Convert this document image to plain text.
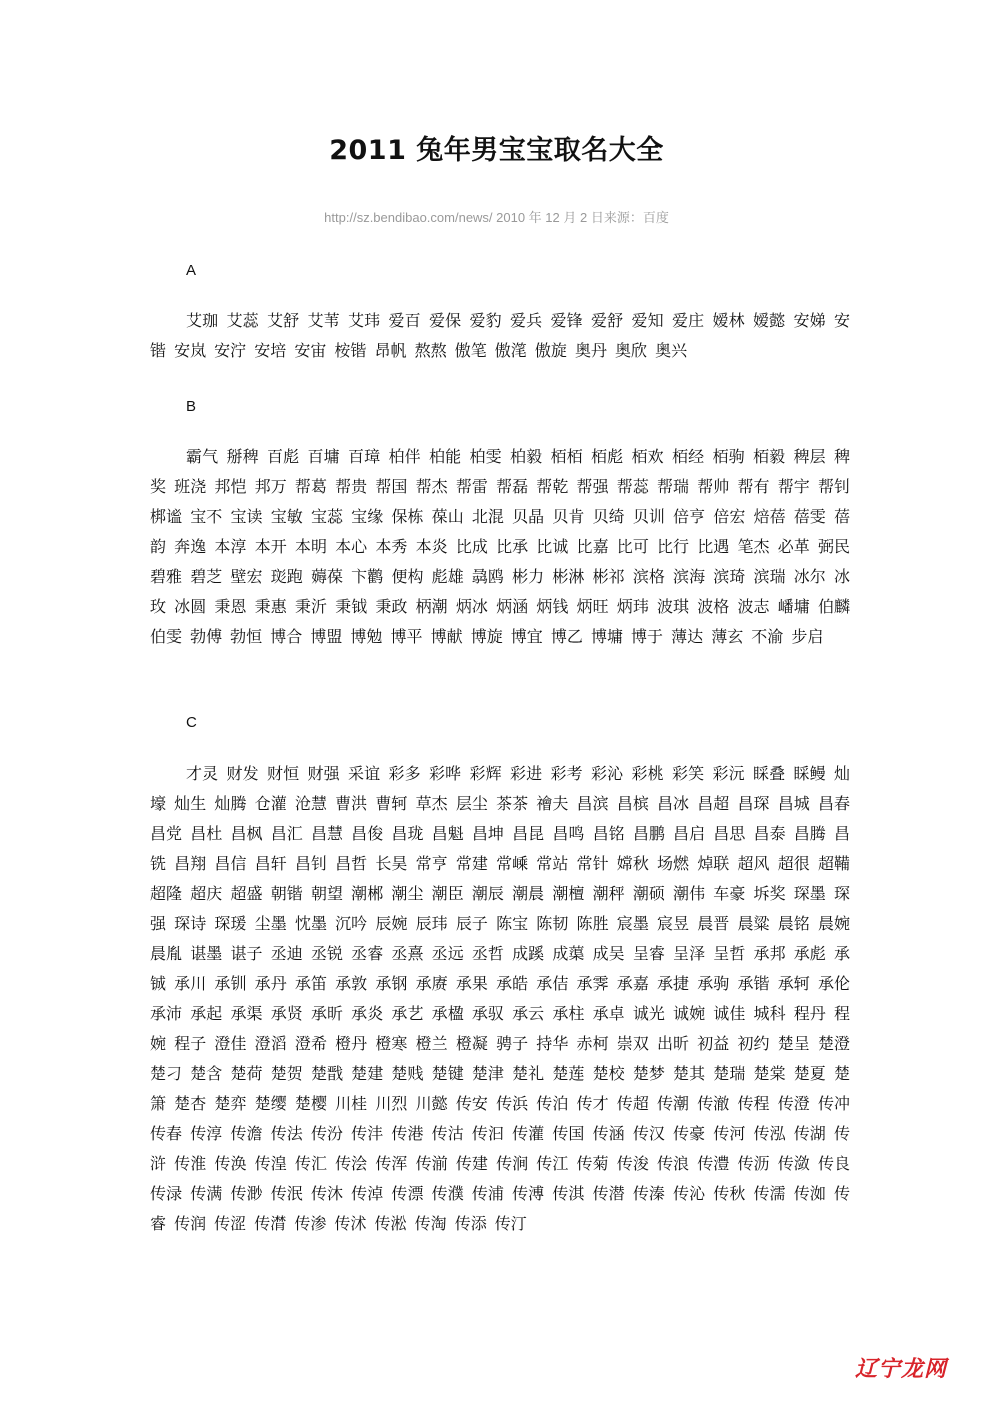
2011 兔年男宝宝取名大全
http://sz.bendibao.com/news/ 2010 年 12 月 2 日来源：百度
A
艾珈 艾蕊 艾舒 艾苇 艾玮 爱百 爱保 爱豹 爱兵 爱锋 爱舒 爱知 爱庄 嫒林 嫒懿 安娣 安锴 安岚 安泞 安培 安宙 桉锴 昂帆 熬熬 傲笔 傲滗 傲旋 奥丹 奥欣 奥兴
B
霸气 掰稗 百彪 百墉 百璋 柏伴 柏能 柏雯 柏毅 栢栢 栢彪 栢欢 栢经 栢驹 栢毅 稗层 稗奖 班浇 邦恺 邦万 帮葛 帮贵 帮国 帮杰 帮雷 帮磊 帮乾 帮强 帮蕊 帮瑞 帮帅 帮有 帮宇 帮钊 梆谧 宝不 宝读 宝敏 宝蕊 宝缘 保栋 葆山 北混 贝晶 贝肯 贝绮 贝训 倍亨 倍宏 焙蓓 蓓雯 蓓韵 奔逸 本淳 本开 本明 本心 本秀 本炎 比成 比承 比诚 比嘉 比可 比行 比遇 笔杰 必革 弼民 碧雅 碧芝 壁宏 珳跑 薅葆 卞鹳 便构 彪雄 骉鸥 彬力 彬淋 彬祁 滨格 滨海 滨琦 滨瑞 冰尔 冰玫 冰圆 秉恩 秉惠 秉沂 秉钺 秉政 柄潮 炳冰 炳涵 炳钱 炳旺 炳玮 波琪 波格 波志 嶓墉 伯麟 伯雯 勃傅 勃恒 博合 博盟 博勉 博平 博献 博旋 博宜 博乙 博墉 博于 薄达 薄玄 不渝 步启
C
才灵 财发 财恒 财强 采谊 彩多 彩哗 彩辉 彩进 彩考 彩沁 彩桃 彩笑 彩沅 睬叠 睬鳗 灿壕 灿生 灿腾 仓灌 沧慧 曹洪 曹轲 草杰 层尘 茶茶 禬夫 昌滨 昌槟 昌冰 昌超 昌琛 昌城 昌春 昌党 昌杜 昌枫 昌汇 昌慧 昌俊 昌珑 昌魁 昌坤 昌昆 昌鸣 昌铭 昌鹏 昌启 昌思 昌泰 昌腾 昌铣 昌翔 昌信 昌轩 昌钊 昌哲 长昊 常亨 常建 常嵊 常站 常针 嫦秋 场燃 焯联 超风 超很 超鞴 超隆 超庆 超盛 朝锴 朝望 潮郴 潮尘 潮臣 潮辰 潮晨 潮檀 潮秤 潮硕 潮伟 车豪 坼奖 琛墨 琛强 琛诗 琛瑗 尘墨 忱墨 沉吟 辰婉 辰玮 辰子 陈宝 陈韧 陈胜 宸墨 宸昱 晨晋 晨粱 晨铭 晨婉 晨胤 谌墨 谌子 丞迪 丞锐 丞睿 丞熹 丞远 丞哲 成蹊 成蕖 成吴 呈睿 呈泽 呈哲 承邦 承彪 承铖 承川 承钏 承丹 承笛 承敦 承钢 承赓 承果 承皓 承佶 承霁 承嘉 承捷 承驹 承锴 承轲 承伦 承沛 承起 承渠 承贤 承昕 承炎 承艺 承楹 承驭 承云 承柱 承卓 诚光 诚婉 诚佳 城科 程丹 程婉 程子 澄佳 澄滔 澄希 橙丹 橙寒 橙兰 橙凝 骋子 持华 赤柯 崇双 出昕 初益 初约 楚呈 楚澄 楚刁 楚含 楚荷 楚贺 楚戬 楚建 楚贱 楚键 楚津 楚礼 楚莲 楚校 楚梦 楚其 楚瑞 楚棠 楚夏 楚箫 楚杏 楚弈 楚缨 楚樱 川桂 川烈 川懿 传安 传浜 传泊 传才 传超 传潮 传澈 传程 传澄 传冲 传春 传淳 传澹 传法 传汾 传沣 传港 传沽 传汩 传灌 传国 传涵 传汉 传豪 传河 传泓 传湖 传浒 传淮 传涣 传湟 传汇 传浍 传浑 传湔 传建 传涧 传江 传菊 传浚 传浪 传澧 传沥 传潋 传良 传渌 传满 传渺 传泯 传沐 传淖 传漂 传濮 传浦 传溥 传淇 传潜 传溱 传沁 传秋 传濡 传洳 传睿 传润 传涩 传潸 传渗 传沭 传淞 传淘 传添 传汀
辽宁龙网
